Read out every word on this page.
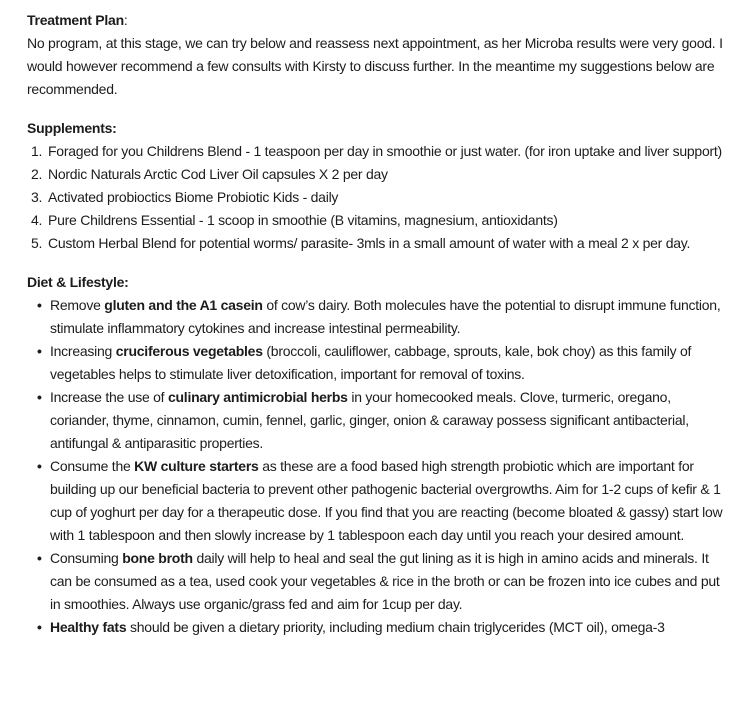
Treatment Plan:

No program, at this stage, we can try below and reassess next appointment, as her Microba results were very good. I would however recommend a few consults with Kirsty to discuss further. In the meantime my suggestions below are recommended.

Supplements:

1. Foraged for you Childrens Blend - 1 teaspoon per day in smoothie or just water. (for iron uptake and liver support)
2. Nordic Naturals Arctic Cod Liver Oil capsules X 2 per day
3. Activated probioctics Biome Probiotic Kids - daily
4. Pure Childrens Essential - 1 scoop in smoothie (B vitamins, magnesium, antioxidants)
5. Custom Herbal Blend for potential worms/ parasite- 3mls in a small amount of water with a meal 2 x per day.

Diet & Lifestyle:

• Remove gluten and the A1 casein of cow’s dairy. Both molecules have the potential to disrupt immune function, stimulate inflammatory cytokines and increase intestinal permeability.
• Increasing cruciferous vegetables (broccoli, cauliflower, cabbage, sprouts, kale, bok choy) as this family of vegetables helps to stimulate liver detoxification, important for removal of toxins.
• Increase the use of culinary antimicrobial herbs in your homecooked meals. Clove, turmeric, oregano, coriander, thyme, cinnamon, cumin, fennel, garlic, ginger, onion & caraway possess significant antibacterial, antifungal & antiparasitic properties.
• Consume the KW culture starters as these are a food based high strength probiotic which are important for building up our beneficial bacteria to prevent other pathogenic bacterial overgrowths. Aim for 1-2 cups of kefir & 1 cup of yoghurt per day for a therapeutic dose. If you find that you are reacting (become bloated & gassy) start low with 1 tablespoon and then slowly increase by 1 tablespoon each day until you reach your desired amount.
• Consuming bone broth daily will help to heal and seal the gut lining as it is high in amino acids and minerals. It can be consumed as a tea, used cook your vegetables & rice in the broth or can be frozen into ice cubes and put in smoothies. Always use organic/grass fed and aim for 1cup per day.
• Healthy fats should be given a dietary priority, including medium chain triglycerides (MCT oil), omega-3
